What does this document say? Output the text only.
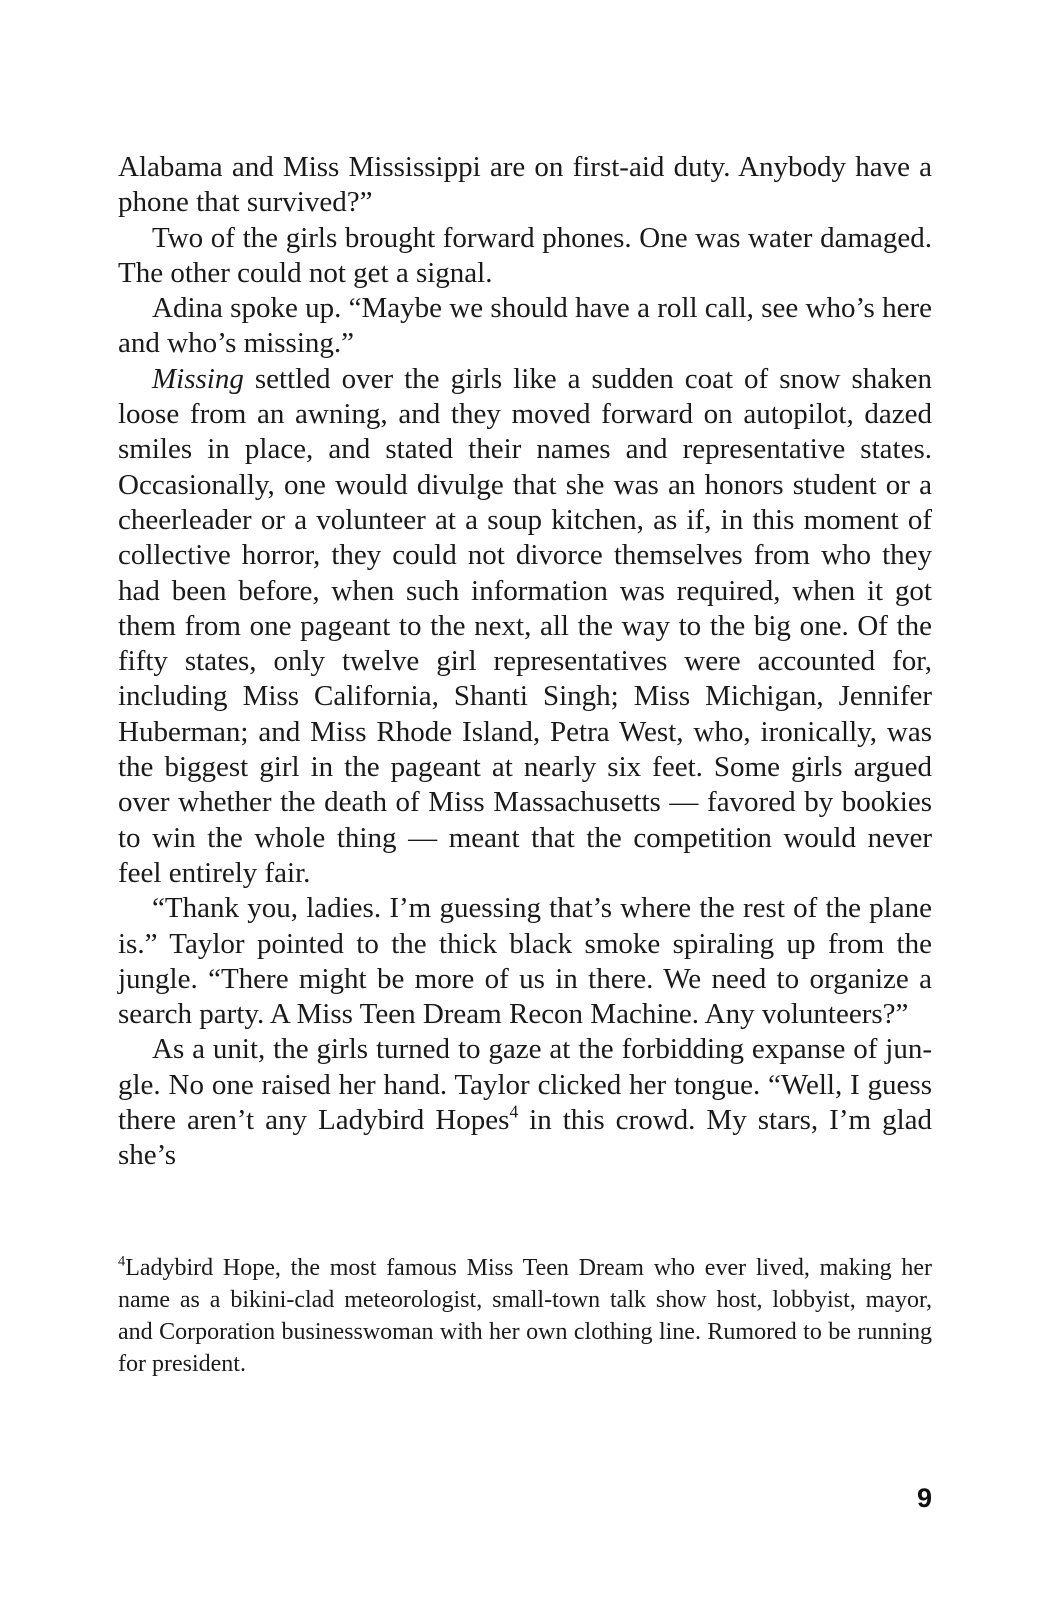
Alabama and Miss Mississippi are on first-aid duty. Anybody have a phone that survived?”

Two of the girls brought forward phones. One was water damaged. The other could not get a signal.

Adina spoke up. “Maybe we should have a roll call, see who’s here and who’s missing.”

Missing settled over the girls like a sudden coat of snow shaken loose from an awning, and they moved forward on autopilot, dazed smiles in place, and stated their names and representative states. Occasionally, one would divulge that she was an honors student or a cheerleader or a volunteer at a soup kitchen, as if, in this moment of collective horror, they could not divorce themselves from who they had been before, when such information was required, when it got them from one pageant to the next, all the way to the big one. Of the fifty states, only twelve girl representatives were accounted for, including Miss California, Shanti Singh; Miss Michigan, Jennifer Huberman; and Miss Rhode Island, Petra West, who, ironically, was the biggest girl in the pageant at nearly six feet. Some girls argued over whether the death of Miss Massachusetts — favored by bookies to win the whole thing — meant that the competition would never feel entirely fair.

“Thank you, ladies. I’m guessing that’s where the rest of the plane is.” Taylor pointed to the thick black smoke spiraling up from the jungle. “There might be more of us in there. We need to organize a search party. A Miss Teen Dream Recon Machine. Any volunteers?”

As a unit, the girls turned to gaze at the forbidding expanse of jungle. No one raised her hand. Taylor clicked her tongue. “Well, I guess there aren’t any Ladybird Hopes$^4$ in this crowd. My stars, I’m glad she’s

$^4$Ladybird Hope, the most famous Miss Teen Dream who ever lived, making her name as a bikini-clad meteorologist, small-town talk show host, lobbyist, mayor, and Corporation businesswoman with her own clothing line. Rumored to be running for president.

9
